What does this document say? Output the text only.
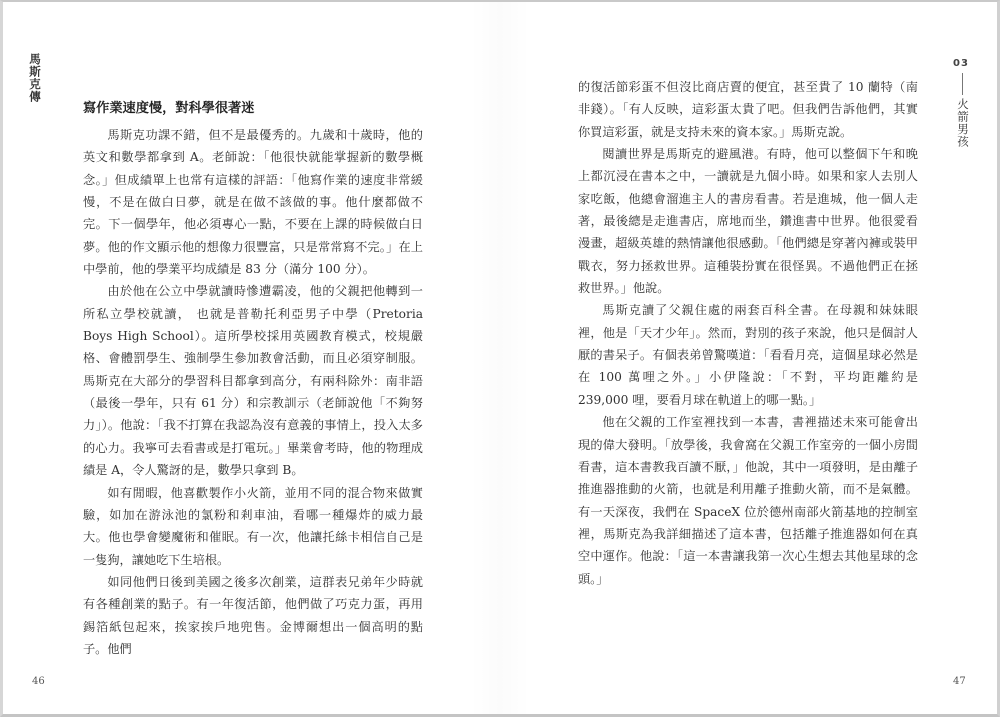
馬斯克傳
寫作業速度慢，對科學很著迷

馬斯克功課不錯，但不是最優秀的。九歲和十歲時，他的英文和數學都拿到 A。老師說：「他很快就能掌握新的數學概念。」但成績單上也常有這樣的評語：「他寫作業的速度非常緩慢，不是在做白日夢，就是在做不該做的事。他什麼都做不完。下一個學年，他必須專心一點，不要在上課的時候做白日夢。他的作文顯示他的想像力很豐富，只是常常寫不完。」在上中學前，他的學業平均成績是 83 分（滿分 100 分）。

由於他在公立中學就讀時慘遭霸凌，他的父親把他轉到一所私立學校就讀， 也就是普勒托利亞男子中學（Pretoria Boys High School）。這所學校採用英國教育模式，校規嚴格、會體罰學生、強制學生參加教會活動，而且必須穿制服。馬斯克在大部分的學習科目都拿到高分，有兩科除外：南非語（最後一學年，只有 61 分）和宗教訓示（老師說他「不夠努力」）。他說：「我不打算在我認為沒有意義的事情上，投入太多的心力。我寧可去看書或是打電玩。」畢業會考時，他的物理成績是 A，令人驚訝的是，數學只拿到 B。

如有閒暇，他喜歡製作小火箭，並用不同的混合物來做實驗，如加在游泳池的氯粉和剎車油，看哪一種爆炸的威力最大。他也學會變魔術和催眠。有一次，他讓托絲卡相信自己是一隻狗，讓她吃下生培根。

如同他們日後到美國之後多次創業，這群表兄弟年少時就有各種創業的點子。有一年復活節，他們做了巧克力蛋，再用錫箔紙包起來，挨家挨戶地兜售。金博爾想出一個高明的點子。他們

46

的復活節彩蛋不但沒比商店賣的便宜，甚至貴了 10 蘭特（南非錢）。「有人反映，這彩蛋太貴了吧。但我們告訴他們，其實你買這彩蛋，就是支持未來的資本家。」馬斯克說。

閱讀世界是馬斯克的避風港。有時，他可以整個下午和晚上都沉浸在書本之中，一讀就是九個小時。如果和家人去別人家吃飯，他總會溜進主人的書房看書。若是進城，他一個人走著，最後總是走進書店，席地而坐，鑽進書中世界。他很愛看漫畫，超級英雄的熱情讓他很感動。「他們總是穿著內褲或裝甲戰衣，努力拯救世界。這種裝扮實在很怪異。不過他們正在拯救世界。」他說。

馬斯克讀了父親住處的兩套百科全書。在母親和妹妹眼裡，他是「天才少年」。然而，對別的孩子來說，他只是個討人厭的書呆子。有個表弟曾驚嘆道：「看看月亮，這個星球必然是在 100 萬哩之外。」小伊隆說：「不對，平均距離約是 239,000 哩，要看月球在軌道上的哪一點。」

他在父親的工作室裡找到一本書，書裡描述未來可能會出現的偉大發明。「放學後，我會窩在父親工作室旁的一個小房間看書，這本書教我百讀不厭，」他說，其中一項發明，是由離子推進器推動的火箭，也就是利用離子推動火箭，而不是氣體。有一天深夜，我們在 SpaceX 位於德州南部火箭基地的控制室裡，馬斯克為我詳細描述了這本書，包括離子推進器如何在真空中運作。他說：「這一本書讓我第一次心生想去其他星球的念頭。」

03
火箭男孩
47
